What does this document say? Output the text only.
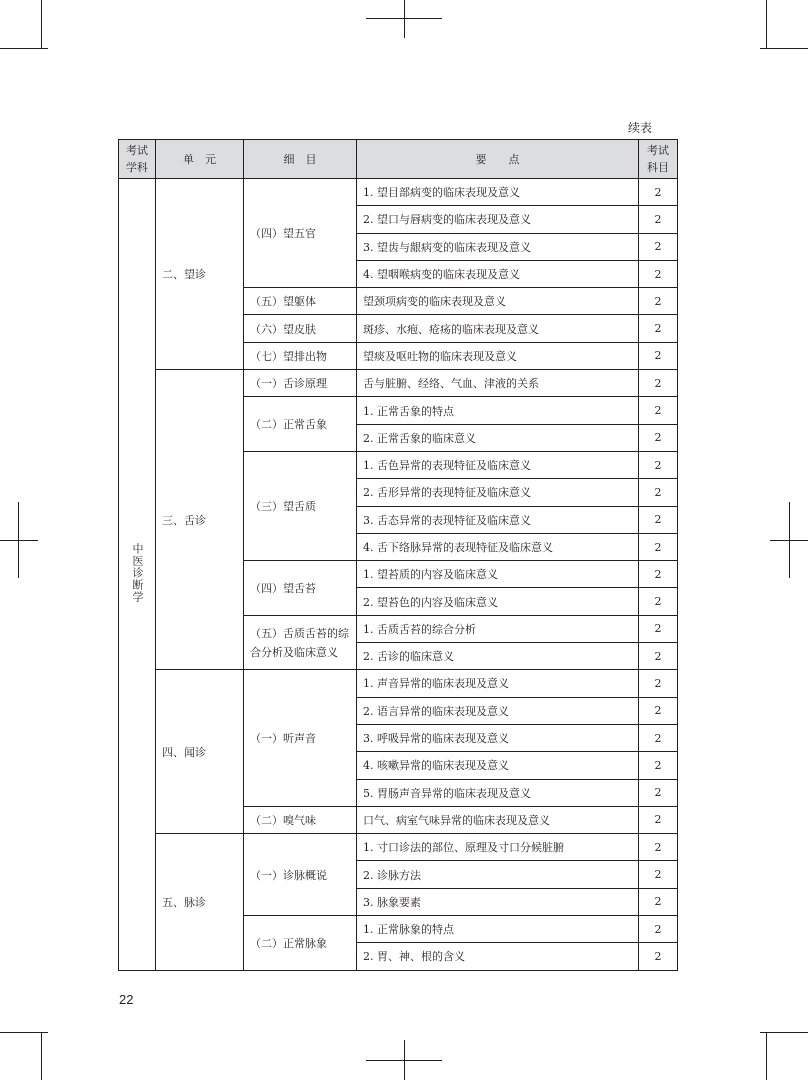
续表
考试
学科	单　元	细　目	要　　点	考试
科目
中医诊断学	二、望诊	（四）望五官	1. 望目部病变的临床表现及意义	2
			2. 望口与唇病变的临床表现及意义	2
			3. 望齿与龈病变的临床表现及意义	2
			4. 望咽喉病变的临床表现及意义	2
		（五）望躯体	望颈项病变的临床表现及意义	2
		（六）望皮肤	斑疹、水疱、疮疡的临床表现及意义	2
		（七）望排出物	望痰及呕吐物的临床表现及意义	2
	三、舌诊	（一）舌诊原理	舌与脏腑、经络、气血、津液的关系	2
		（二）正常舌象	1. 正常舌象的特点	2
			2. 正常舌象的临床意义	2
		（三）望舌质	1. 舌色异常的表现特征及临床意义	2
			2. 舌形异常的表现特征及临床意义	2
			3. 舌态异常的表现特征及临床意义	2
			4. 舌下络脉异常的表现特征及临床意义	2
		（四）望舌苔	1. 望苔质的内容及临床意义	2
			2. 望苔色的内容及临床意义	2
		（五）舌质舌苔的综合分析及临床意义	1. 舌质舌苔的综合分析	2
			2. 舌诊的临床意义	2
	四、闻诊	（一）听声音	1. 声音异常的临床表现及意义	2
			2. 语言异常的临床表现及意义	2
			3. 呼吸异常的临床表现及意义	2
			4. 咳嗽异常的临床表现及意义	2
			5. 胃肠声音异常的临床表现及意义	2
		（二）嗅气味	口气、病室气味异常的临床表现及意义	2
	五、脉诊	（一）诊脉概说	1. 寸口诊法的部位、原理及寸口分候脏腑	2
			2. 诊脉方法	2
			3. 脉象要素	2
		（二）正常脉象	1. 正常脉象的特点	2
			2. 胃、神、根的含义	2
22
